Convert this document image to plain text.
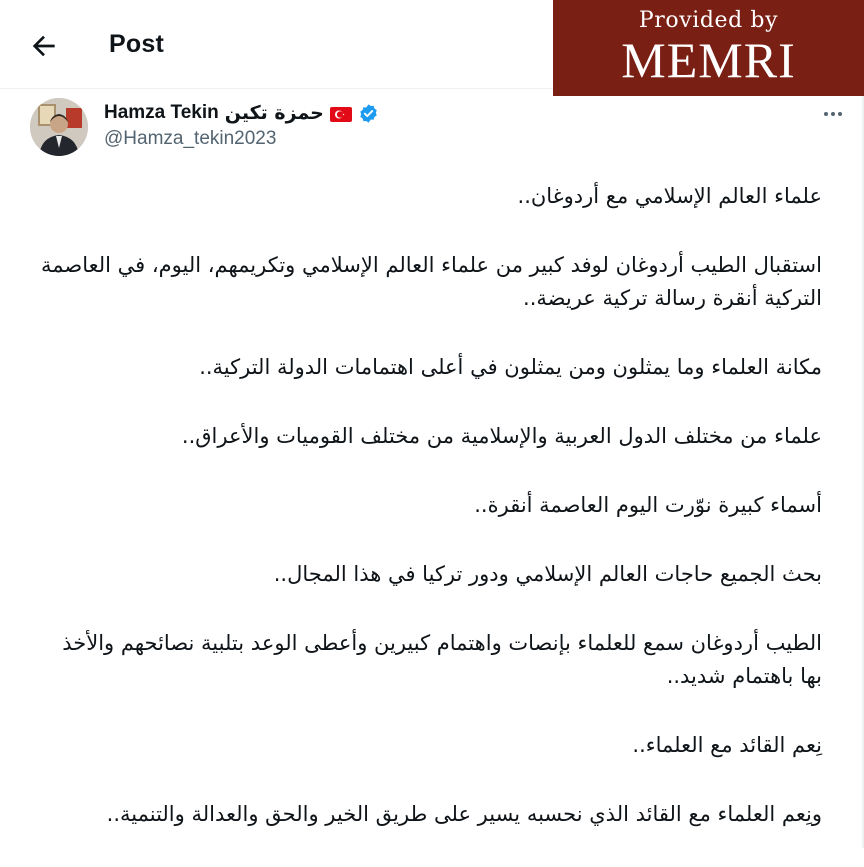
Post
Provided by
MEMRI
Hamza Tekin حمزة تكين
@Hamza_tekin2023

علماء العالم الإسلامي مع أردوغان..

استقبال الطيب أردوغان لوفد كبير من علماء العالم الإسلامي وتكريمهم، اليوم، في العاصمة التركية أنقرة رسالة تركية عريضة..

مكانة العلماء وما يمثلون ومن يمثلون في أعلى اهتمامات الدولة التركية..

علماء من مختلف الدول العربية والإسلامية من مختلف القوميات والأعراق..

أسماء كبيرة نوّرت اليوم العاصمة أنقرة..

بحث الجميع حاجات العالم الإسلامي ودور تركيا في هذا المجال..

الطيب أردوغان سمع للعلماء بإنصات واهتمام كبيرين وأعطى الوعد بتلبية نصائحهم والأخذ بها باهتمام شديد..

نِعم القائد مع العلماء..

ونِعم العلماء مع القائد الذي نحسبه يسير على طريق الخير والحق والعدالة والتنمية..
